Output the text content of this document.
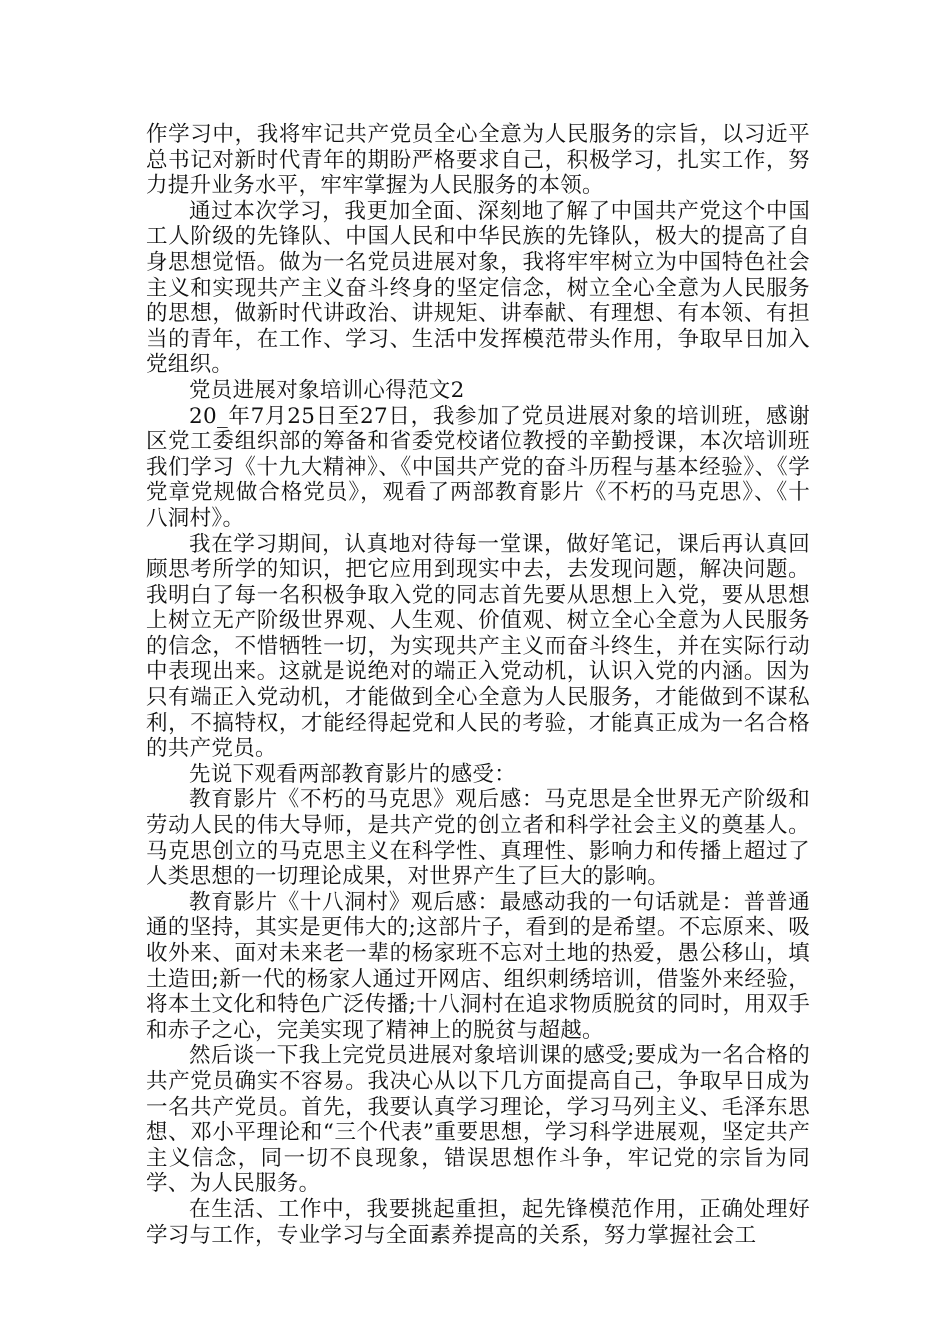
作学习中，我将牢记共产党员全心全意为人民服务的宗旨，以习近平总书记对新时代青年的期盼严格要求自己，积极学习，扎实工作，努力提升业务水平，牢牢掌握为人民服务的本领。

通过本次学习，我更加全面、深刻地了解了中国共产党这个中国工人阶级的先锋队、中国人民和中华民族的先锋队，极大的提高了自身思想觉悟。做为一名党员进展对象，我将牢牢树立为中国特色社会主义和实现共产主义奋斗终身的坚定信念，树立全心全意为人民服务的思想，做新时代讲政治、讲规矩、讲奉献、有理想、有本领、有担当的青年，在工作、学习、生活中发挥模范带头作用，争取早日加入党组织。

党员进展对象培训心得范文2

20_年7月25日至27日，我参加了党员进展对象的培训班，感谢区党工委组织部的筹备和省委党校诸位教授的辛勤授课，本次培训班我们学习《十九大精神》、《中国共产党的奋斗历程与基本经验》、《学党章党规做合格党员》，观看了两部教育影片《不朽的马克思》、《十八洞村》。

我在学习期间，认真地对待每一堂课，做好笔记，课后再认真回顾思考所学的知识，把它应用到现实中去，去发现问题，解决问题。我明白了每一名积极争取入党的同志首先要从思想上入党，要从思想上树立无产阶级世界观、人生观、价值观、树立全心全意为人民服务的信念，不惜牺牲一切，为实现共产主义而奋斗终生，并在实际行动中表现出来。这就是说绝对的端正入党动机，认识入党的内涵。因为只有端正入党动机，才能做到全心全意为人民服务，才能做到不谋私利，不搞特权，才能经得起党和人民的考验，才能真正成为一名合格的共产党员。

先说下观看两部教育影片的感受：

教育影片《不朽的马克思》观后感：马克思是全世界无产阶级和劳动人民的伟大导师，是共产党的创立者和科学社会主义的奠基人。马克思创立的马克思主义在科学性、真理性、影响力和传播上超过了人类思想的一切理论成果，对世界产生了巨大的影响。

教育影片《十八洞村》观后感：最感动我的一句话就是：普普通通的坚持，其实是更伟大的;这部片子，看到的是希望。不忘原来、吸收外来、面对未来老一辈的杨家班不忘对土地的热爱，愚公移山，填土造田;新一代的杨家人通过开网店、组织刺绣培训，借鉴外来经验，将本土文化和特色广泛传播;十八洞村在追求物质脱贫的同时，用双手和赤子之心，完美实现了精神上的脱贫与超越。

然后谈一下我上完党员进展对象培训课的感受;要成为一名合格的共产党员确实不容易。我决心从以下几方面提高自己，争取早日成为一名共产党员。首先，我要认真学习理论，学习马列主义、毛泽东思想、邓小平理论和“三个代表”重要思想，学习科学进展观，坚定共产主义信念，同一切不良现象，错误思想作斗争，牢记党的宗旨为同学、为人民服务。

在生活、工作中，我要挑起重担，起先锋模范作用，正确处理好学习与工作，专业学习与全面素养提高的关系，努力掌握社会工
